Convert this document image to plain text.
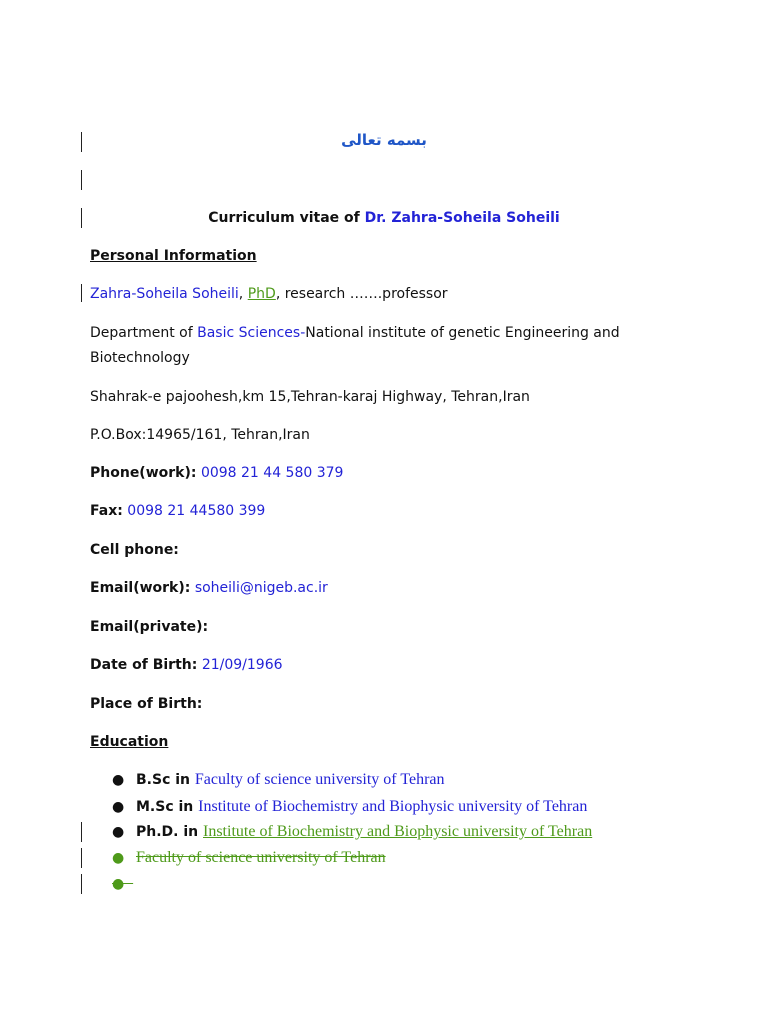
بسمه تعالی
Curriculum vitae of Dr. Zahra-Soheila Soheili
Personal Information
Zahra-Soheila Soheili, PhD, research …….professor
Department of Basic Sciences-National institute of genetic Engineering and
Biotechnology
Shahrak-e pajoohesh,km 15,Tehran-karaj Highway, Tehran,Iran
P.O.Box:14965/161, Tehran,Iran
Phone(work): 0098 21 44 580 379
Fax: 0098 21 44580 399
Cell phone:
Email(work): soheili@nigeb.ac.ir
Email(private):
Date of Birth: 21/09/1966
Place of Birth:
Education
● B.Sc in Faculty of science university of Tehran
● M.Sc in Institute of Biochemistry and Biophysic university of Tehran
● Ph.D. in Institute of Biochemistry and Biophysic university of Tehran
● Faculty of science university of Tehran
●
